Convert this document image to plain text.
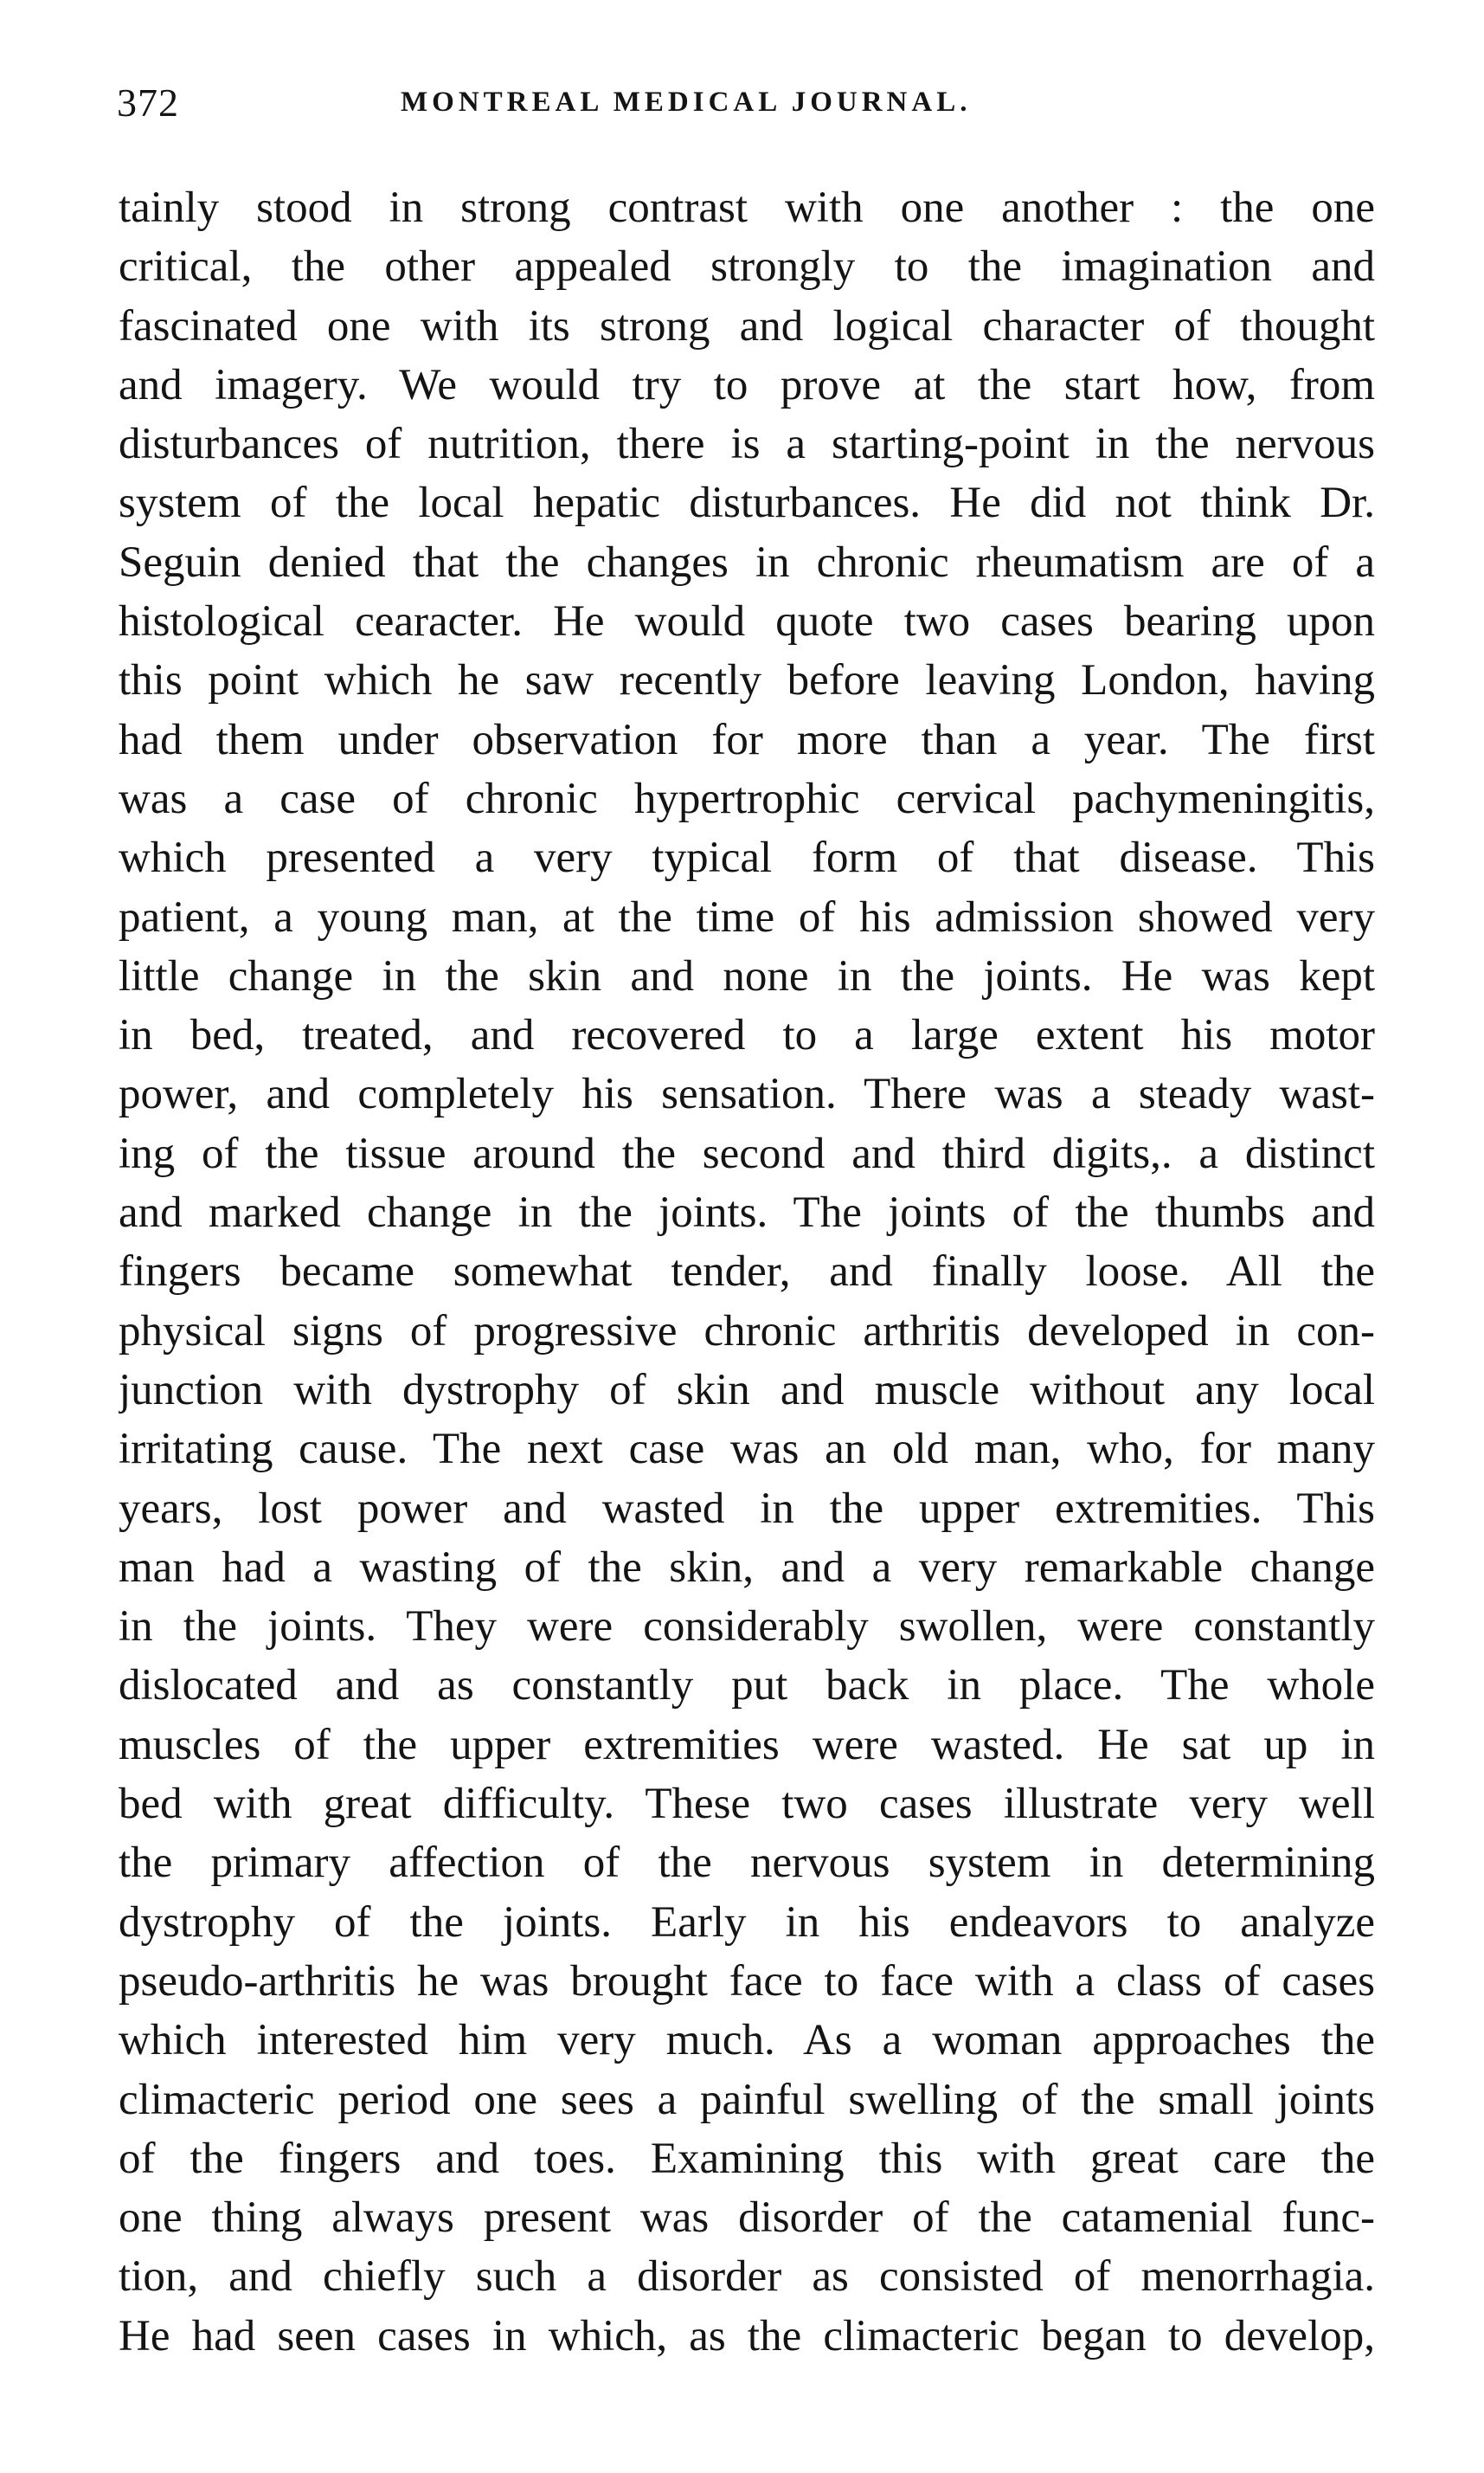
372	MONTREAL MEDICAL JOURNAL.
tainly stood in strong contrast with one another : the one
critical, the other appealed strongly to the imagination and
fascinated one with its strong and logical character of thought
and imagery. We would try to prove at the start how, from
disturbances of nutrition, there is a starting-point in the nervous
system of the local hepatic disturbances. He did not think Dr.
Seguin denied that the changes in chronic rheumatism are of a
histological cearacter. He would quote two cases bearing upon
this point which he saw recently before leaving London, having
had them under observation for more than a year. The first
was a case of chronic hypertrophic cervical pachymeningitis,
which presented a very typical form of that disease. This
patient, a young man, at the time of his admission showed very
little change in the skin and none in the joints. He was kept
in bed, treated, and recovered to a large extent his motor
power, and completely his sensation. There was a steady wast-
ing of the tissue around the second and third digits,. a distinct
and marked change in the joints. The joints of the thumbs and
fingers became somewhat tender, and finally loose. All the
physical signs of progressive chronic arthritis developed in con-
junction with dystrophy of skin and muscle without any local
irritating cause. The next case was an old man, who, for many
years, lost power and wasted in the upper extremities. This
man had a wasting of the skin, and a very remarkable change
in the joints. They were considerably swollen, were constantly
dislocated and as constantly put back in place. The whole
muscles of the upper extremities were wasted. He sat up in
bed with great difficulty. These two cases illustrate very well
the primary affection of the nervous system in determining
dystrophy of the joints. Early in his endeavors to analyze
pseudo-arthritis he was brought face to face with a class of cases
which interested him very much. As a woman approaches the
climacteric period one sees a painful swelling of the small joints
of the fingers and toes. Examining this with great care the
one thing always present was disorder of the catamenial func-
tion, and chiefly such a disorder as consisted of menorrhagia.
He had seen cases in which, as the climacteric began to develop,
